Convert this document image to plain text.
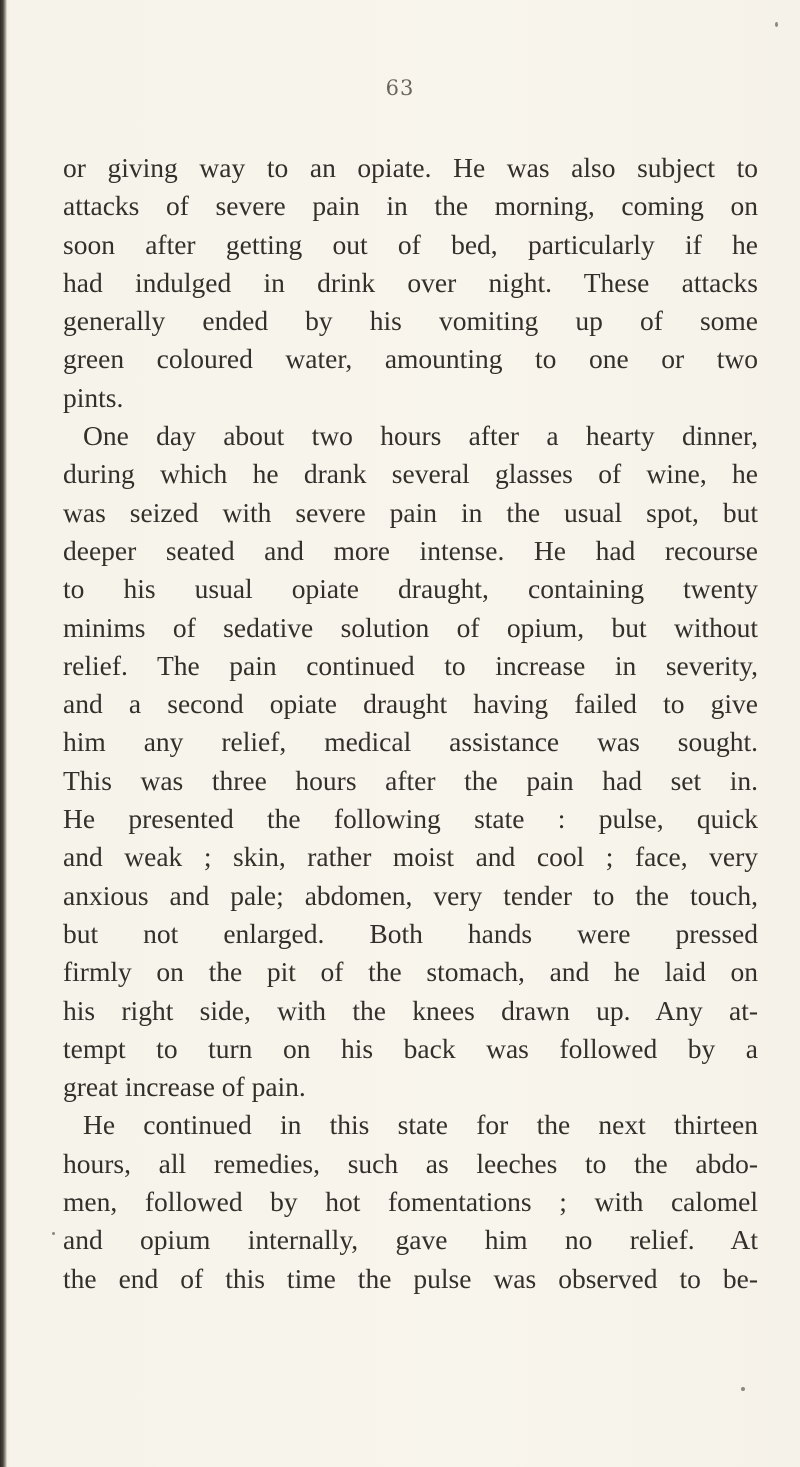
63
or giving way to an opiate. He was also subject to
attacks of severe pain in the morning, coming on
soon after getting out of bed, particularly if he
had indulged in drink over night. These attacks
generally ended by his vomiting up of some
green coloured water, amounting to one or two
pints.
One day about two hours after a hearty dinner,
during which he drank several glasses of wine, he
was seized with severe pain in the usual spot, but
deeper seated and more intense. He had recourse
to his usual opiate draught, containing twenty
minims of sedative solution of opium, but without
relief. The pain continued to increase in severity,
and a second opiate draught having failed to give
him any relief, medical assistance was sought.
This was three hours after the pain had set in.
He presented the following state : pulse, quick
and weak ; skin, rather moist and cool ; face, very
anxious and pale; abdomen, very tender to the touch,
but not enlarged. Both hands were pressed
firmly on the pit of the stomach, and he laid on
his right side, with the knees drawn up. Any at-
tempt to turn on his back was followed by a
great increase of pain.
He continued in this state for the next thirteen
hours, all remedies, such as leeches to the abdo-
men, followed by hot fomentations ; with calomel
and opium internally, gave him no relief. At
the end of this time the pulse was observed to be-
